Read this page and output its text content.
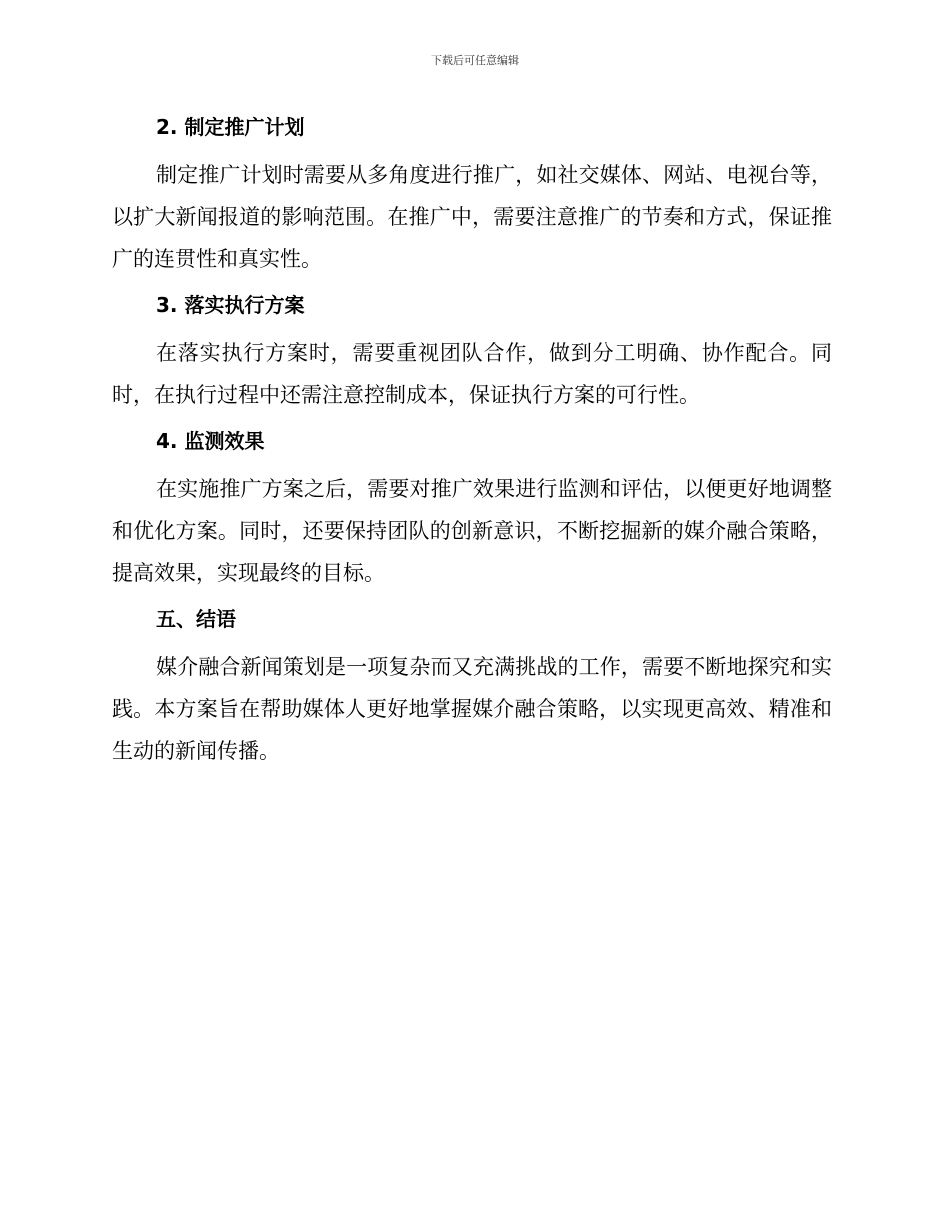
下载后可任意编辑
2. 制定推广计划

制定推广计划时需要从多角度进行推广，如社交媒体、网站、电视台等，以扩大新闻报道的影响范围。在推广中，需要注意推广的节奏和方式，保证推广的连贯性和真实性。

3. 落实执行方案

在落实执行方案时，需要重视团队合作，做到分工明确、协作配合。同时，在执行过程中还需注意控制成本，保证执行方案的可行性。

4. 监测效果

在实施推广方案之后，需要对推广效果进行监测和评估，以便更好地调整和优化方案。同时，还要保持团队的创新意识，不断挖掘新的媒介融合策略，提高效果，实现最终的目标。

五、结语

媒介融合新闻策划是一项复杂而又充满挑战的工作，需要不断地探究和实践。本方案旨在帮助媒体人更好地掌握媒介融合策略，以实现更高效、精准和生动的新闻传播。
